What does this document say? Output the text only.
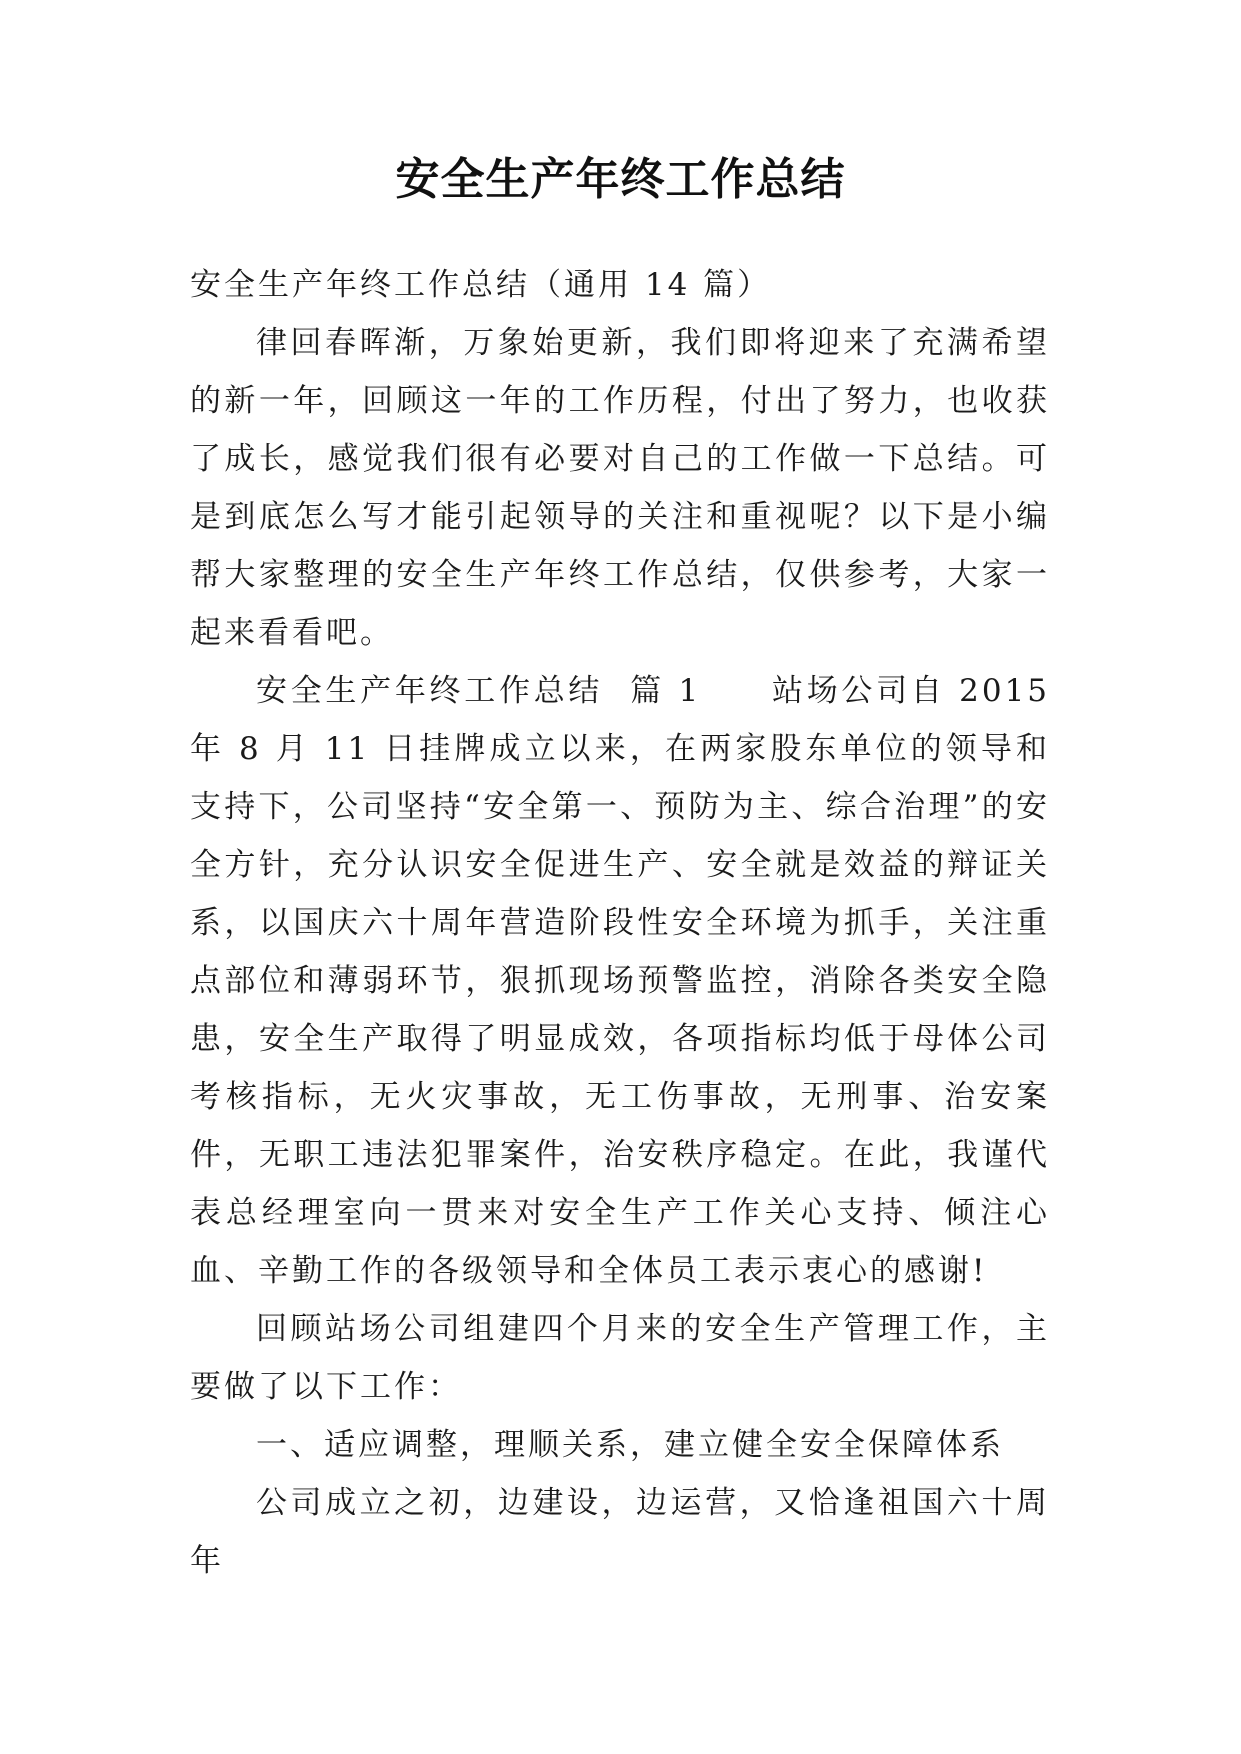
安全生产年终工作总结

安全生产年终工作总结（通用 14 篇）

律回春晖渐，万象始更新，我们即将迎来了充满希望的新一年，回顾这一年的工作历程，付出了努力，也收获了成长，感觉我们很有必要对自己的工作做一下总结。可是到底怎么写才能引起领导的关注和重视呢？以下是小编帮大家整理的安全生产年终工作总结，仅供参考，大家一起来看看吧。

安全生产年终工作总结 篇 1 站场公司自 2015 年 8 月 11 日挂牌成立以来，在两家股东单位的领导和支持下，公司坚持“安全第一、预防为主、综合治理”的安全方针，充分认识安全促进生产、安全就是效益的辩证关系，以国庆六十周年营造阶段性安全环境为抓手，关注重点部位和薄弱环节，狠抓现场预警监控，消除各类安全隐患，安全生产取得了明显成效，各项指标均低于母体公司考核指标，无火灾事故，无工伤事故，无刑事、治安案件，无职工违法犯罪案件，治安秩序稳定。在此，我谨代表总经理室向一贯来对安全生产工作关心支持、倾注心血、辛勤工作的各级领导和全体员工表示衷心的感谢!

回顾站场公司组建四个月来的安全生产管理工作，主要做了以下工作：

一、适应调整，理顺关系，建立健全安全保障体系

公司成立之初，边建设，边运营，又恰逢祖国六十周年
